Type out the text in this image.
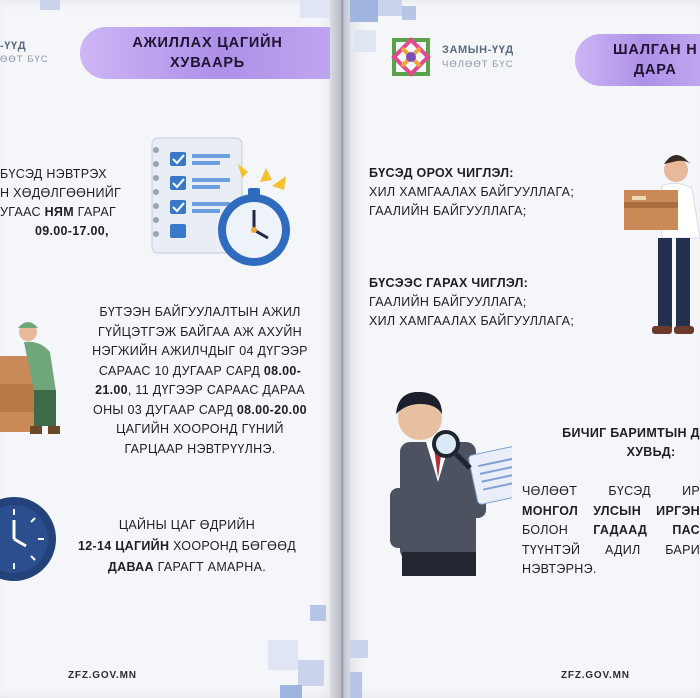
-ҮҮД
ӨӨТ БҮС
АЖИЛЛАХ ЦАГИЙН
ХУВААРЬ
БҮСЭД НЭВТРЭХ
Н ХӨДӨЛГӨӨНИЙГ
УГААС НЯМ ГАРАГ
09.00-17.00,
БҮТЭЭН БАЙГУУЛАЛТЫН АЖИЛ
ГҮЙЦЭТГЭЖ БАЙГАА АЖ АХУЙН
НЭГЖИЙН АЖИЛЧДЫГ 04 ДҮГЭЭР
САРААС 10 ДУГААР САРД 08.00-
21.00, 11 ДҮГЭЭР САРААС ДАРАА
ОНЫ 03 ДУГААР САРД 08.00-20.00
ЦАГИЙН ХООРОНД ГҮНИЙ
ГАРЦААР НЭВТРҮҮЛНЭ.
ЦАЙНЫ ЦАГ ӨДРИЙН
12-14 ЦАГИЙН ХООРОНД БӨГӨӨД
ДАВАА ГАРАГТ АМАРНА.
ZFZ.GOV.MN
ЗАМЫН-ҮҮД
ЧӨЛӨӨТ БҮС
ШАЛГАН Н
ДАРА
БҮСЭД ОРОХ ЧИГЛЭЛ:
ХИЛ ХАМГААЛАХ БАЙГУУЛЛАГА;
ГААЛИЙН БАЙГУУЛЛАГА;
БҮСЭЭС ГАРАХ ЧИГЛЭЛ:
ГААЛИЙН БАЙГУУЛЛАГА;
ХИЛ ХАМГААЛАХ БАЙГУУЛЛАГА;
БИЧИГ БАРИМТЫН Д
ХУВЬД:
ЧӨЛӨӨТ БҮСЭД ИР
МОНГОЛ УЛСЫН ИРГЭН
БОЛОН ГАДААД ПАС
ТҮҮНТЭЙ АДИЛ БАРИ
НЭВТЭРНЭ.
ZFZ.GOV.MN
